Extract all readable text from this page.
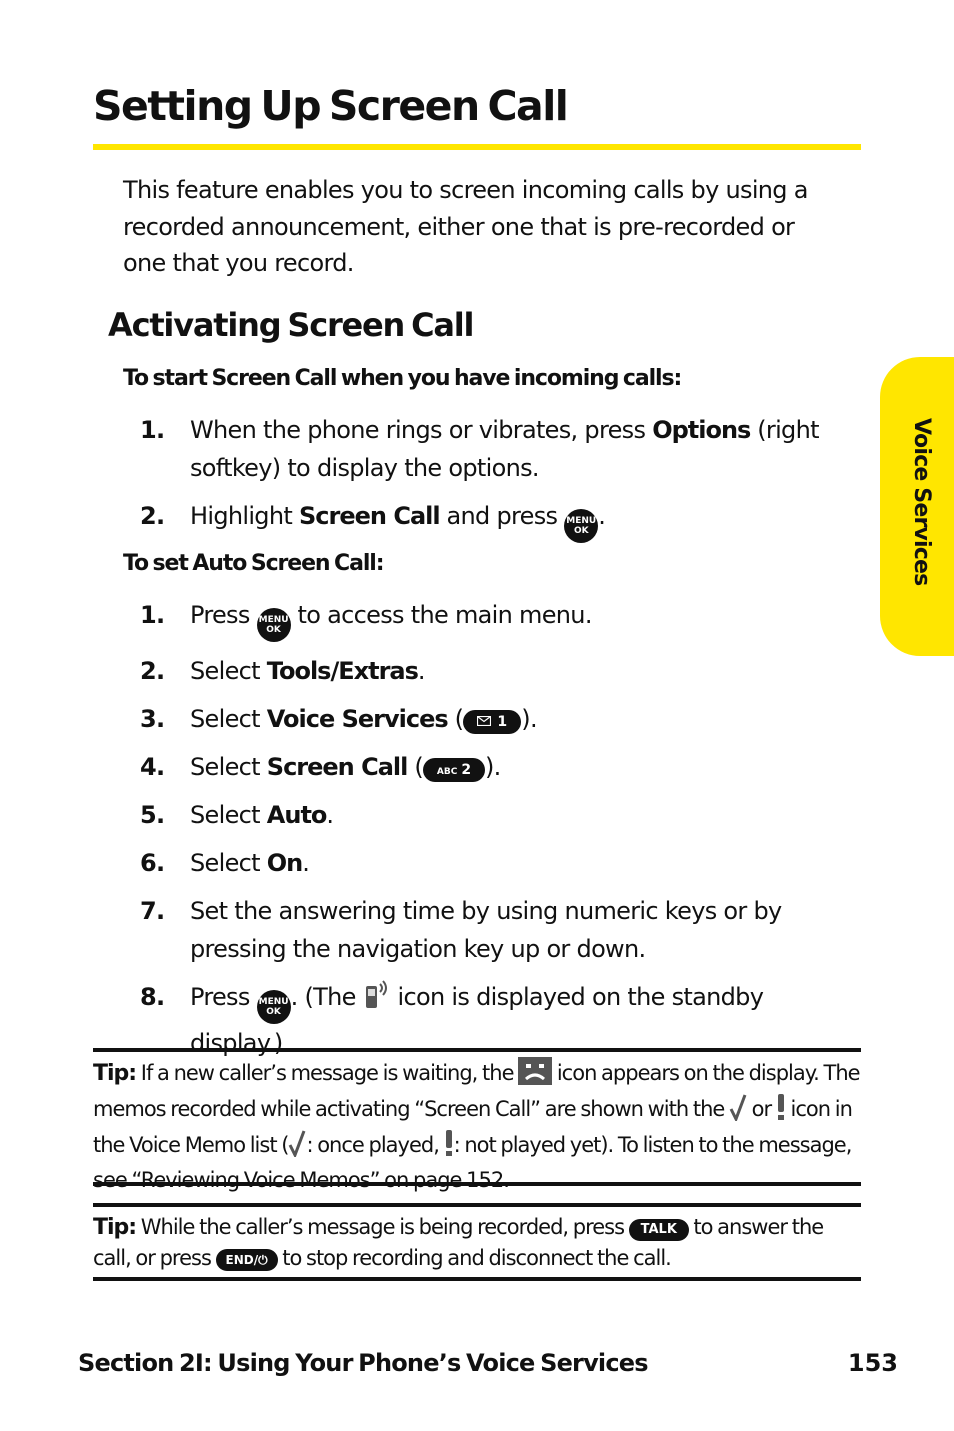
Setting Up Screen Call

This feature enables you to screen incoming calls by using a recorded announcement, either one that is pre-recorded or one that you record.

Activating Screen Call
To start Screen Call when you have incoming calls:
1. When the phone rings or vibrates, press Options (right softkey) to display the options.
2. Highlight Screen Call and press MENU
OK.
To set Auto Screen Call:
1. Press MENU
OK to access the main menu.
2. Select Tools/Extras.
3. Select Voice Services ( 1 ).
4. Select Screen Call ( ABC 2 ).
5. Select Auto.
6. Select On.
7. Set the answering time by using numeric keys or by pressing the navigation key up or down.
8. Press MENU
OK. (The  icon is displayed on the standby display.)
Tip: If a new caller’s message is waiting, the  icon appears on the display. The memos recorded while activating “Screen Call” are shown with the  or  icon in the Voice Memo list ( : once played, : not played yet). To listen to the message, see “Reviewing Voice Memos” on page 152.
Tip: While the caller’s message is being recorded, press TALK to answer the call, or press END/⏻ to stop recording and disconnect the call.
Voice Services
Section 2I: Using Your Phone’s Voice Services	153
